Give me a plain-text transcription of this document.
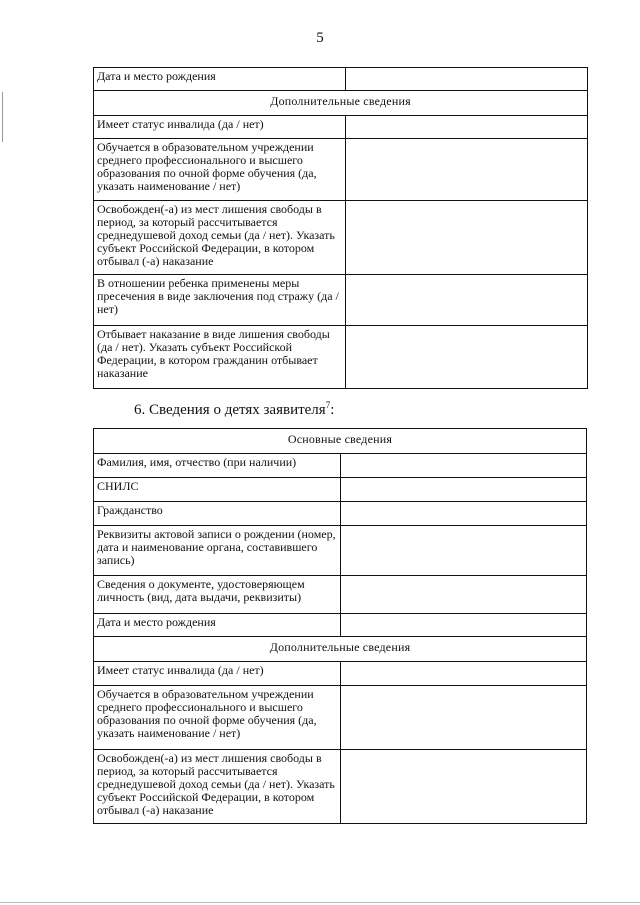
5
Дата и место рождения	
Дополнительные сведения	
Имеет статус инвалида (да / нет)	
Обучается в образовательном учреждении среднего профессионального и высшего образования по очной форме обучения (да, указать наименование / нет)	
Освобожден(-а) из мест лишения свободы в период, за который рассчитывается среднедушевой доход семьи (да / нет). Указать субъект Российской Федерации, в котором отбывал (-а) наказание	
В отношении ребенка применены меры пресечения в виде заключения под стражу (да / нет)	
Отбывает наказание в виде лишения свободы (да / нет). Указать субъект Российской Федерации, в котором гражданин отбывает наказание	
6. Сведения о детях заявителя$^7$:
Основные сведения	
Фамилия, имя, отчество (при наличии)	
СНИЛС	
Гражданство	
Реквизиты актовой записи о рождении (номер, дата и наименование органа, составившего запись)	
Сведения о документе, удостоверяющем личность (вид, дата выдачи, реквизиты)	
Дата и место рождения	
Дополнительные сведения	
Имеет статус инвалида (да / нет)	
Обучается в образовательном учреждении среднего профессионального и высшего образования по очной форме обучения (да, указать наименование / нет)	
Освобожден(-а) из мест лишения свободы в период, за который рассчитывается среднедушевой доход семьи (да / нет). Указать субъект Российской Федерации, в котором отбывал (-а) наказание	
